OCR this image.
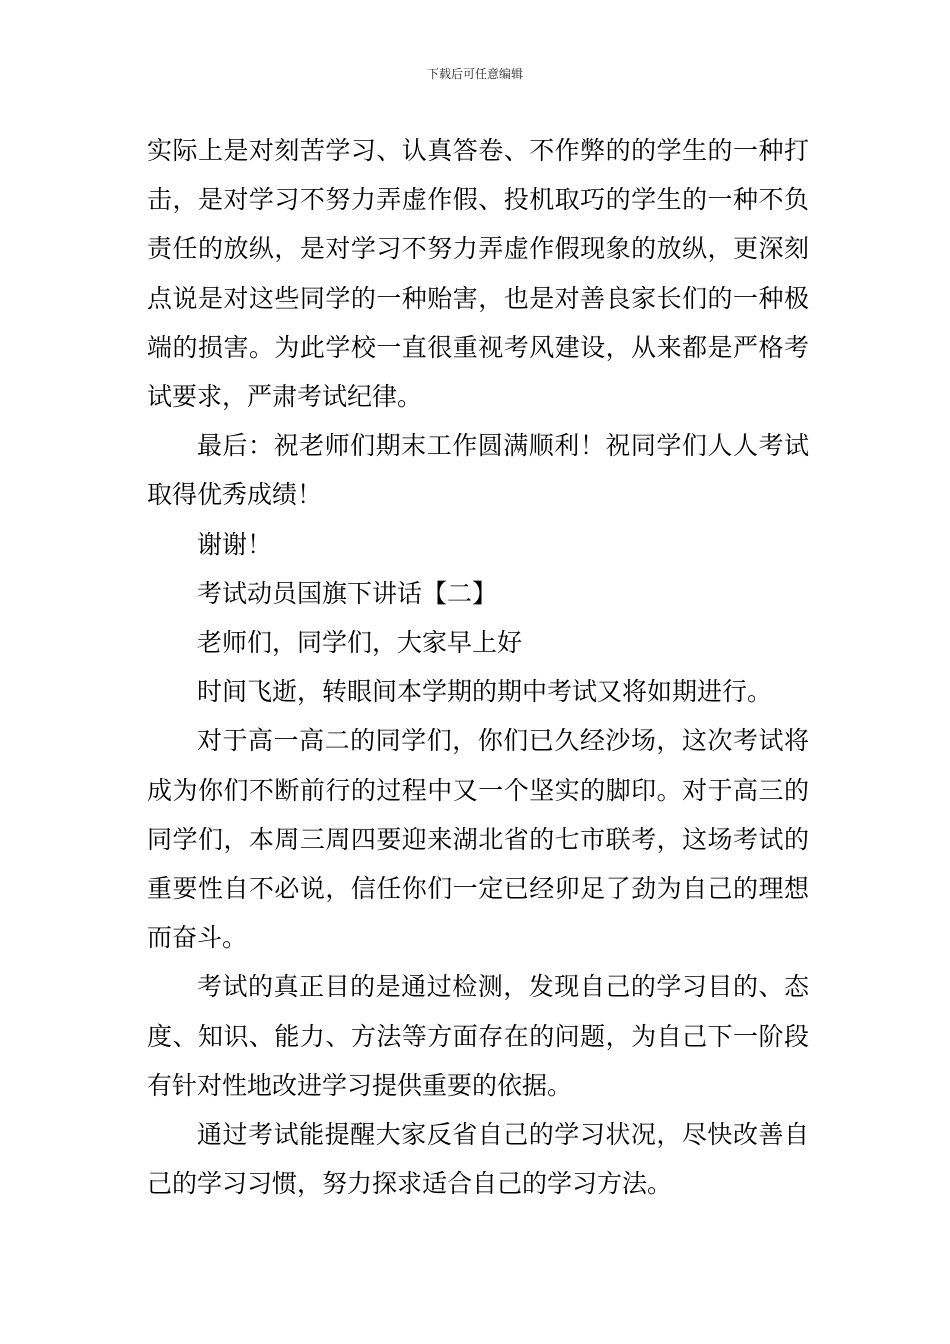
下载后可任意编辑

实际上是对刻苦学习、认真答卷、不作弊的的学生的一种打击，是对学习不努力弄虚作假、投机取巧的学生的一种不负责任的放纵，是对学习不努力弄虚作假现象的放纵，更深刻点说是对这些同学的一种贻害，也是对善良家长们的一种极端的损害。为此学校一直很重视考风建设，从来都是严格考试要求，严肃考试纪律。

最后：祝老师们期末工作圆满顺利！祝同学们人人考试取得优秀成绩！

谢谢！

考试动员国旗下讲话【二】

老师们，同学们，大家早上好

时间飞逝，转眼间本学期的期中考试又将如期进行。

对于高一高二的同学们，你们已久经沙场，这次考试将成为你们不断前行的过程中又一个坚实的脚印。对于高三的同学们，本周三周四要迎来湖北省的七市联考，这场考试的重要性自不必说，信任你们一定已经卯足了劲为自己的理想而奋斗。

考试的真正目的是通过检测，发现自己的学习目的、态度、知识、能力、方法等方面存在的问题，为自己下一阶段有针对性地改进学习提供重要的依据。

通过考试能提醒大家反省自己的学习状况，尽快改善自己的学习习惯，努力探求适合自己的学习方法。
